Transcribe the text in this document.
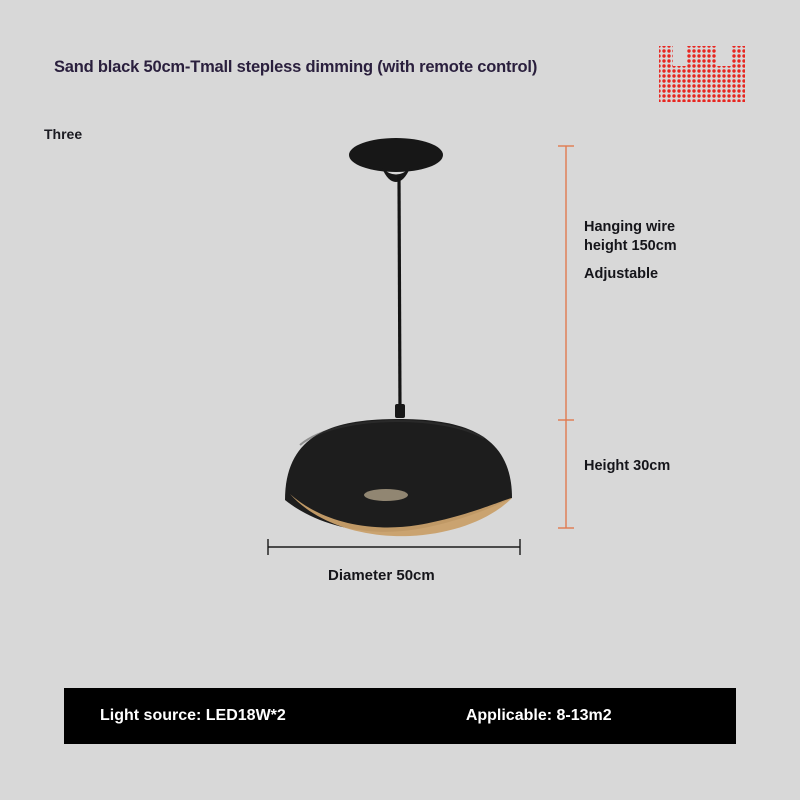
Sand black 50cm-Tmall stepless dimming (with remote control)
Three
Hanging wire
height 150cm
Adjustable
Height 30cm
Diameter 50cm
Light source: LED18W*2	Applicable: 8-13m2
